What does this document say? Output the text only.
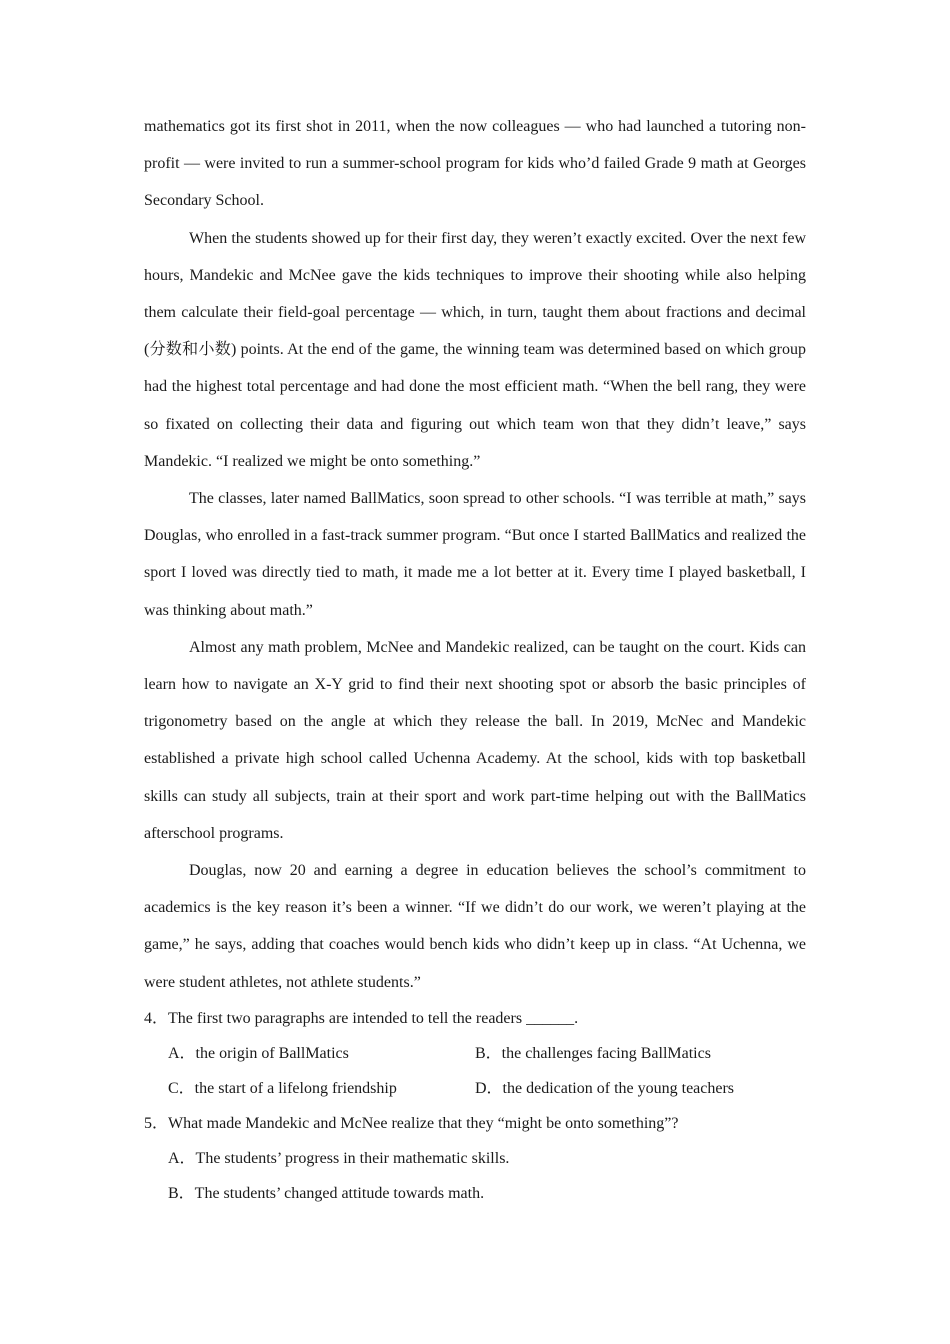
mathematics got its first shot in 2011, when the now colleagues — who had launched a tutoring non-profit — were invited to run a summer-school program for kids who’d failed Grade 9 math at Georges Secondary School.

When the students showed up for their first day, they weren’t exactly excited. Over the next few hours, Mandekic and McNee gave the kids techniques to improve their shooting while also helping them calculate their field-goal percentage — which, in turn, taught them about fractions and decimal (分数和小数) points. At the end of the game, the winning team was determined based on which group had the highest total percentage and had done the most efficient math. “When the bell rang, they were so fixated on collecting their data and figuring out which team won that they didn’t leave,” says Mandekic. “I realized we might be onto something.”

The classes, later named BallMatics, soon spread to other schools. “I was terrible at math,” says Douglas, who enrolled in a fast-track summer program. “But once I started BallMatics and realized the sport I loved was directly tied to math, it made me a lot better at it. Every time I played basketball, I was thinking about math.”

Almost any math problem, McNee and Mandekic realized, can be taught on the court. Kids can learn how to navigate an X-Y grid to find their next shooting spot or absorb the basic principles of trigonometry based on the angle at which they release the ball. In 2019, McNec and Mandekic established a private high school called Uchenna Academy. At the school, kids with top basketball skills can study all subjects, train at their sport and work part-time helping out with the BallMatics afterschool programs.

Douglas, now 20 and earning a degree in education believes the school’s commitment to academics is the key reason it’s been a winner. “If we didn’t do our work, we weren’t playing at the game,” he says, adding that coaches would bench kids who didn’t keep up in class. “At Uchenna, we were student athletes, not athlete students.”

4．The first two paragraphs are intended to tell the readers ______.

A．the origin of BallMatics	B．the challenges facing BallMatics
C．the start of a lifelong friendship	D．the dedication of the young teachers

5．What made Mandekic and McNee realize that they “might be onto something”?

A．The students’ progress in their mathematic skills.
B．The students’ changed attitude towards math.
